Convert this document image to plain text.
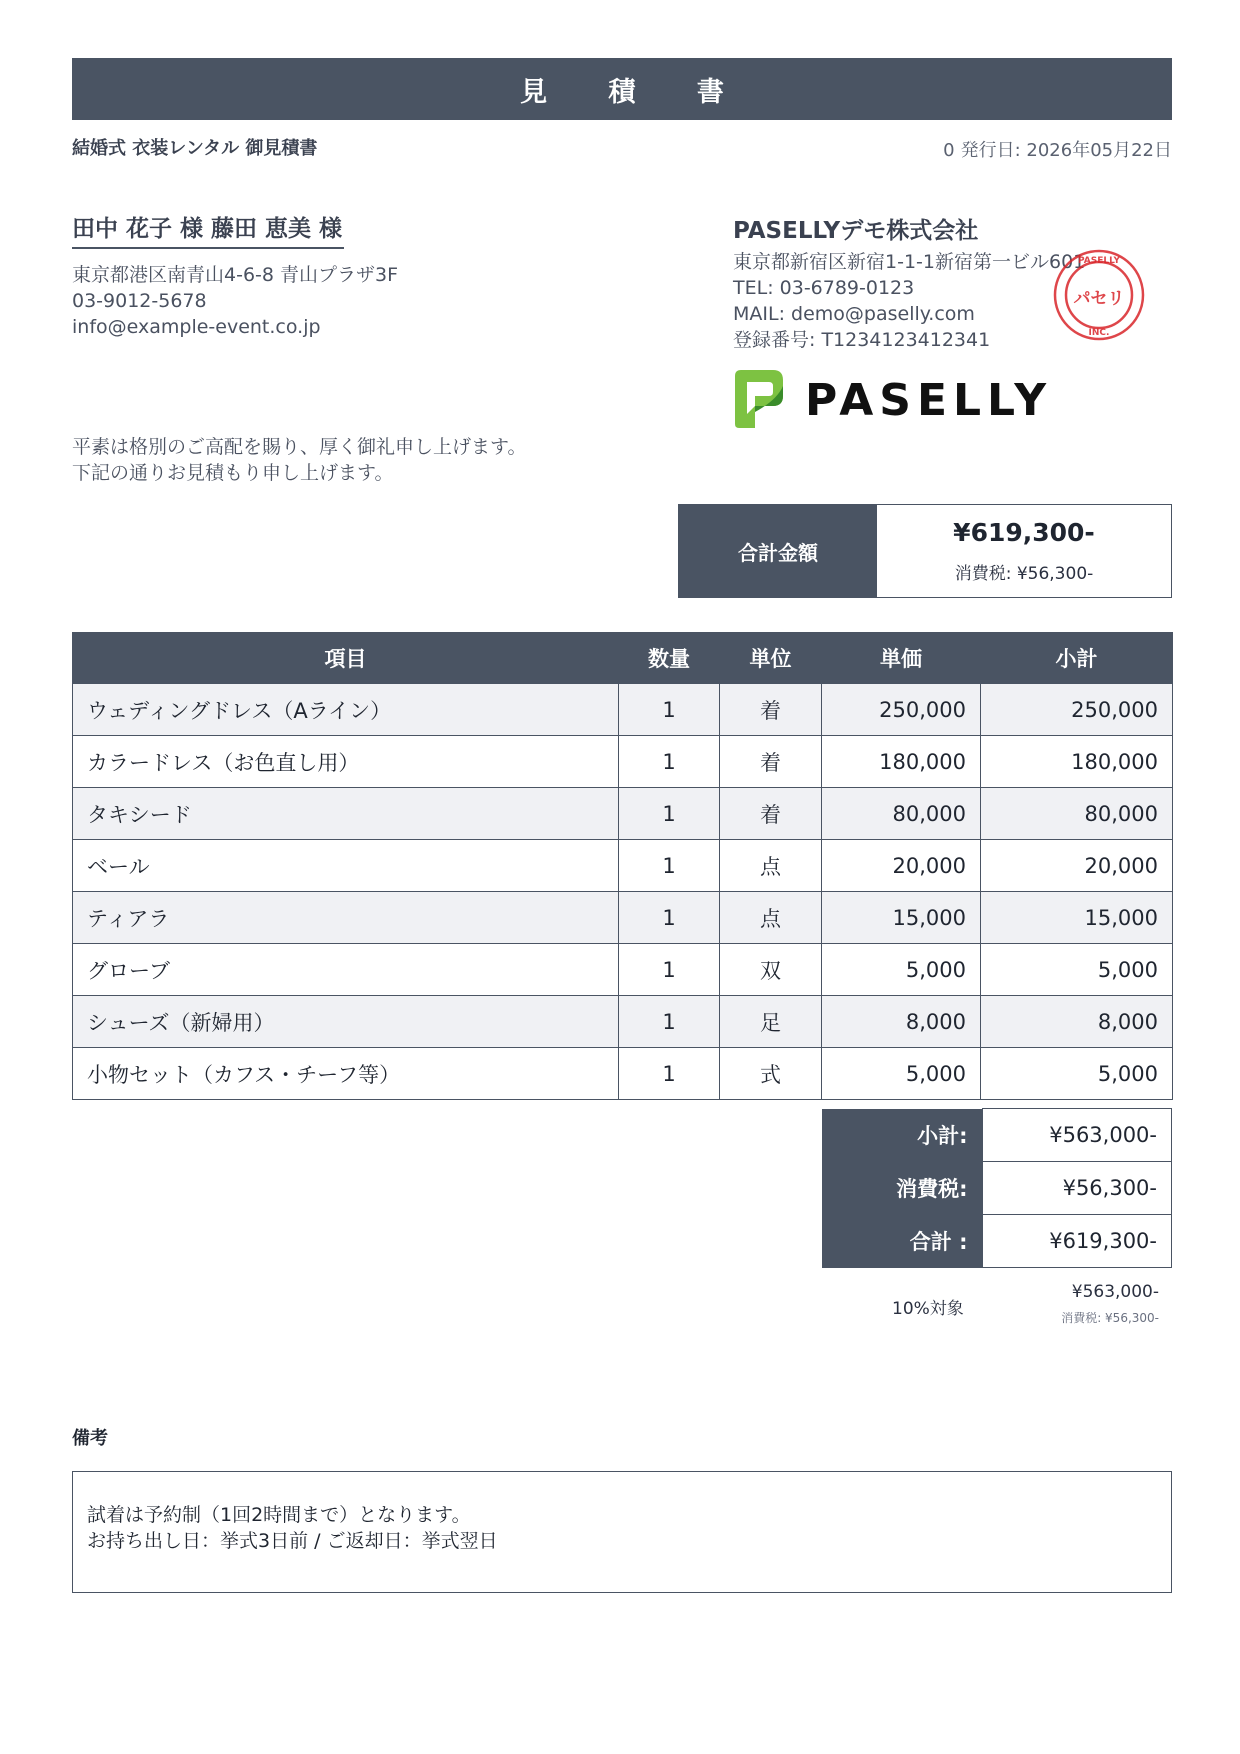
見 積 書
結婚式 衣装レンタル 御見積書	0 発行日: 2026年05月22日
田中 花子 様 藤田 恵美 様
東京都港区南青山4-6-8 青山プラザ3F
03-9012-5678
info@example-event.co.jp
PASELLYデモ株式会社
東京都新宿区新宿1-1-1新宿第一ビル601
TEL: 03-6789-0123
MAIL: demo@paselly.com
登録番号: T1234123412341
PASELLY
パセリ
INC.
PASELLY
平素は格別のご高配を賜り、厚く御礼申し上げます。
下記の通りお見積もり申し上げます。
合計金額
¥619,300-
消費税: ¥56,300-
項目	数量	単位	単価	小計
ウェディングドレス（Aライン）	1	着	250,000	250,000
カラードレス（お色直し用）	1	着	180,000	180,000
タキシード	1	着	80,000	80,000
ベール	1	点	20,000	20,000
ティアラ	1	点	15,000	15,000
グローブ	1	双	5,000	5,000
シューズ（新婦用）	1	足	8,000	8,000
小物セット（カフス・チーフ等）	1	式	5,000	5,000
小計:	¥563,000-
消費税:	¥56,300-
合計 :	¥619,300-
10%対象
¥563,000-
消費税: ¥56,300-
備考
試着は予約制（1回2時間まで）となります。
お持ち出し日：挙式3日前 / ご返却日：挙式翌日
